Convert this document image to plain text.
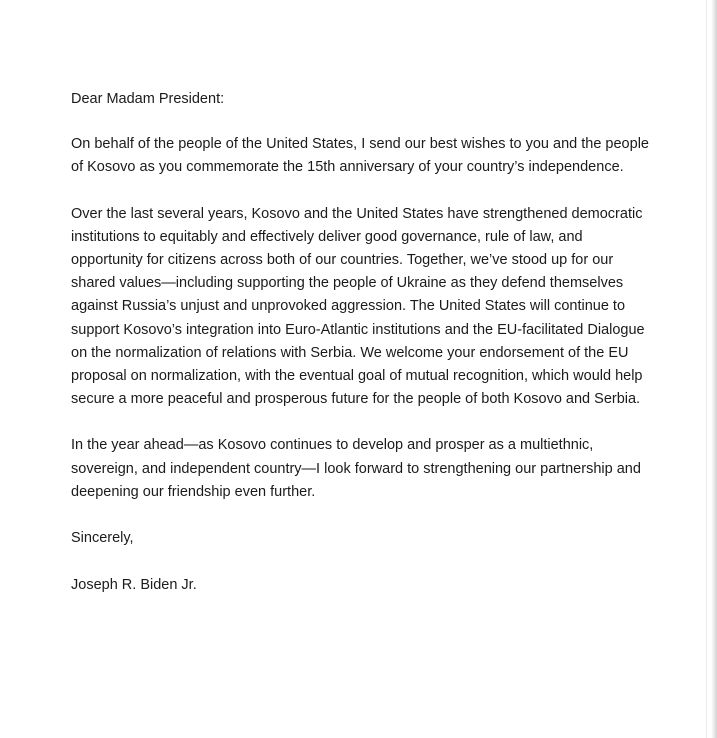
Dear Madam President:

On behalf of the people of the United States, I send our best wishes to you and the people of Kosovo as you commemorate the 15th anniversary of your country’s independence.

Over the last several years, Kosovo and the United States have strengthened democratic institutions to equitably and effectively deliver good governance, rule of law, and opportunity for citizens across both of our countries. Together, we’ve stood up for our shared values—including supporting the people of Ukraine as they defend themselves against Russia’s unjust and unprovoked aggression. The United States will continue to support Kosovo’s integration into Euro-Atlantic institutions and the EU-facilitated Dialogue on the normalization of relations with Serbia. We welcome your endorsement of the EU proposal on normalization, with the eventual goal of mutual recognition, which would help secure a more peaceful and prosperous future for the people of both Kosovo and Serbia.

In the year ahead—as Kosovo continues to develop and prosper as a multiethnic, sovereign, and independent country—I look forward to strengthening our partnership and deepening our friendship even further.

Sincerely,

Joseph R. Biden Jr.
